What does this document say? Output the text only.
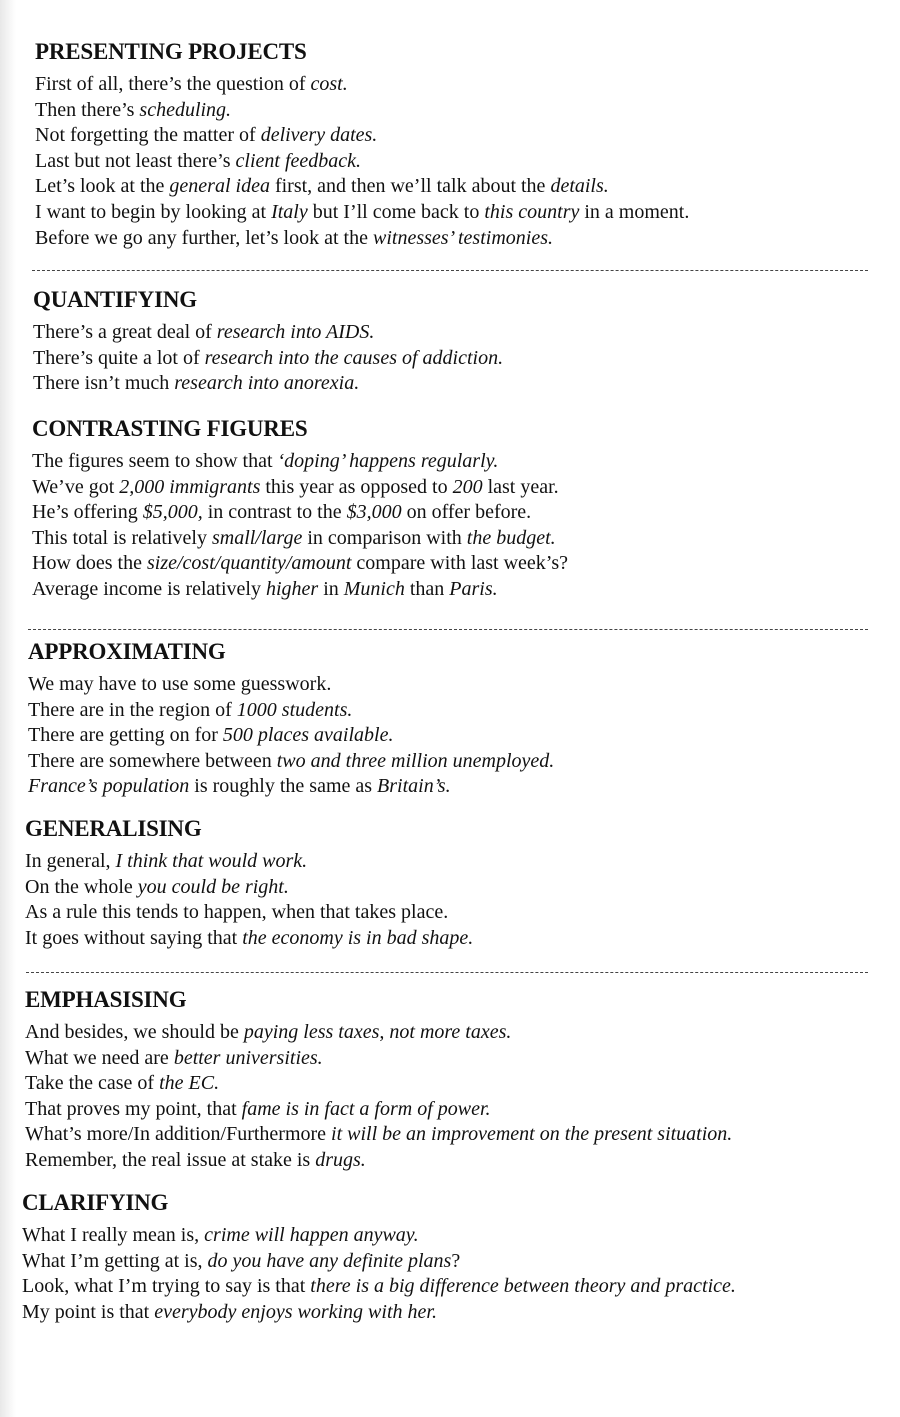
PRESENTING PROJECTS

First of all, there’s the question of cost.

Then there’s scheduling.

Not forgetting the matter of delivery dates.

Last but not least there’s client feedback.

Let’s look at the general idea first, and then we’ll talk about the details.

I want to begin by looking at Italy but I’ll come back to this country in a moment.

Before we go any further, let’s look at the witnesses’ testimonies.

QUANTIFYING

There’s a great deal of research into AIDS.

There’s quite a lot of research into the causes of addiction.

There isn’t much research into anorexia.

CONTRASTING FIGURES

The figures seem to show that ‘doping’ happens regularly.

We’ve got 2,000 immigrants this year as opposed to 200 last year.

He’s offering $5,000, in contrast to the $3,000 on offer before.

This total is relatively small/large in comparison with the budget.

How does the size/cost/quantity/amount compare with last week’s?

Average income is relatively higher in Munich than Paris.

APPROXIMATING

We may have to use some guesswork.

There are in the region of 1000 students.

There are getting on for 500 places available.

There are somewhere between two and three million unemployed.

France’s population is roughly the same as Britain’s.

GENERALISING

In general, I think that would work.

On the whole you could be right.

As a rule this tends to happen, when that takes place.

It goes without saying that the economy is in bad shape.

EMPHASISING

And besides, we should be paying less taxes, not more taxes.

What we need are better universities.

Take the case of the EC.

That proves my point, that fame is in fact a form of power.

What’s more/In addition/Furthermore it will be an improvement on the present situation.

Remember, the real issue at stake is drugs.

CLARIFYING

What I really mean is, crime will happen anyway.

What I’m getting at is, do you have any definite plans?

Look, what I’m trying to say is that there is a big difference between theory and practice.

My point is that everybody enjoys working with her.
